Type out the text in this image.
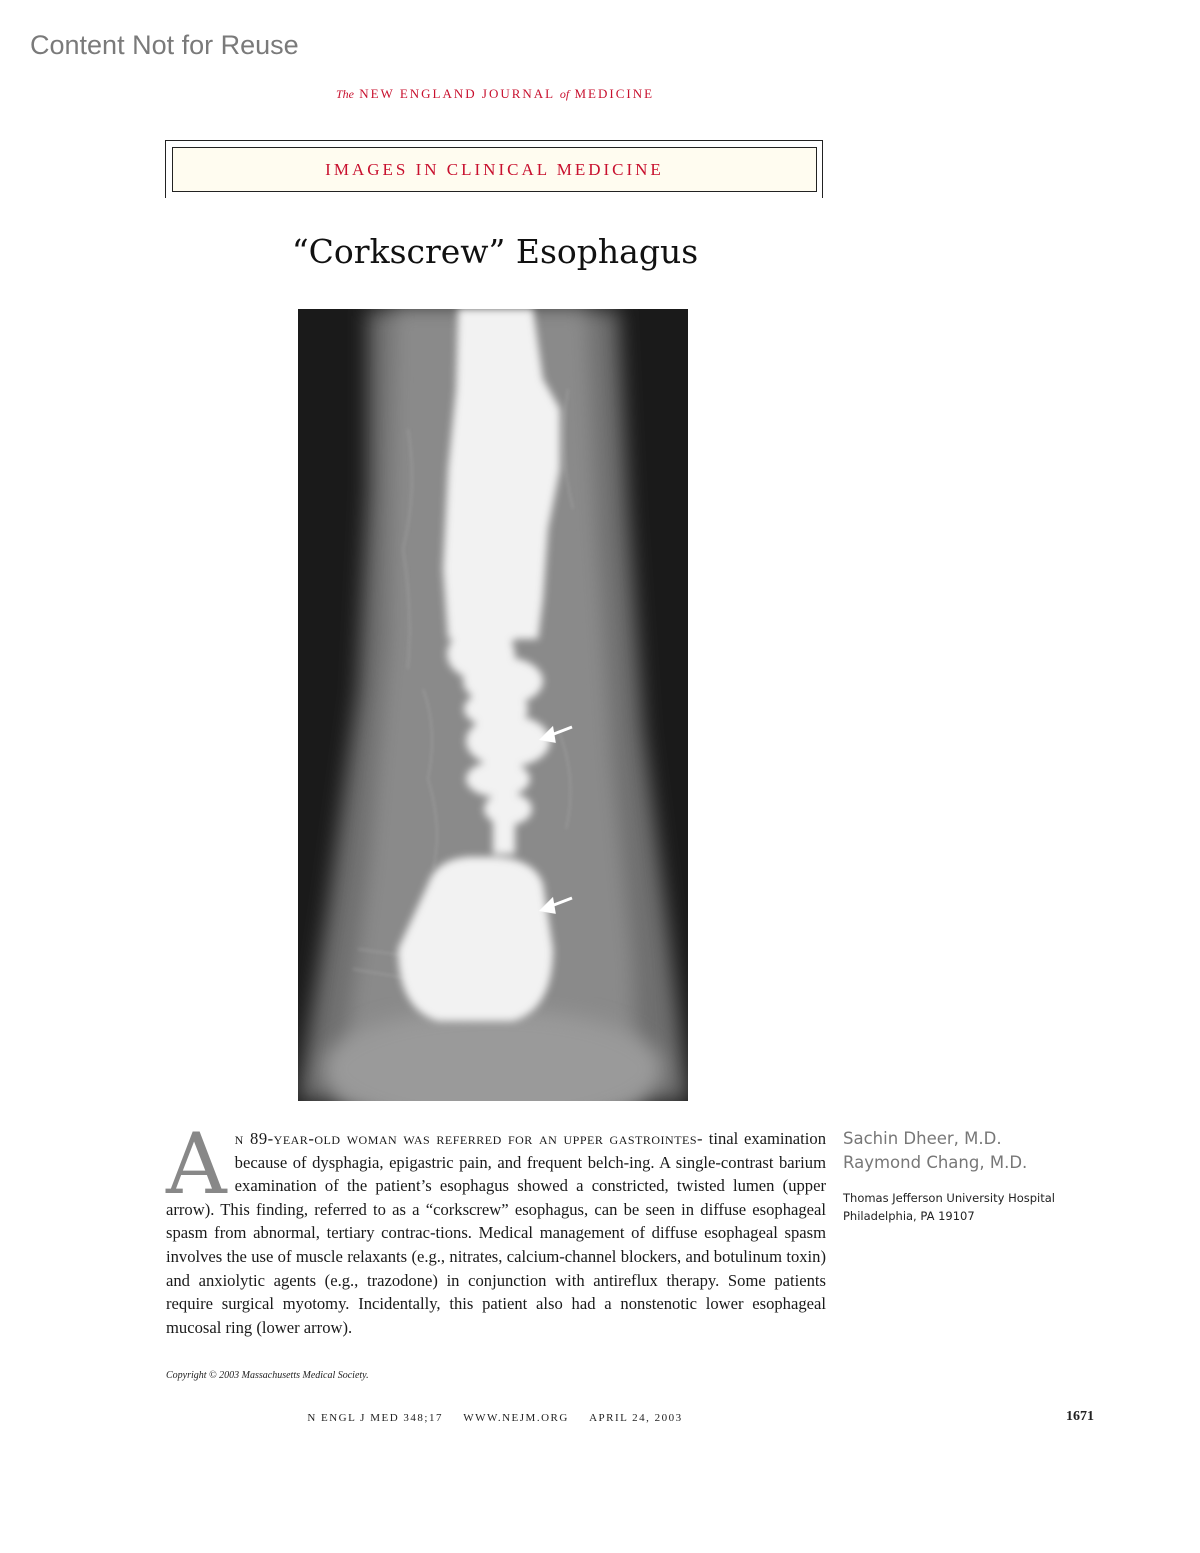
Content Not for Reuse
The NEW ENGLAND JOURNAL of MEDICINE
IMAGES IN CLINICAL MEDICINE
“Corkscrew” Esophagus
An 89-year-old woman was referred for an upper gastrointes- tinal examination because of dysphagia, epigastric pain, and frequent belch-ing. A single-contrast barium examination of the patient’s esophagus showed a constricted, twisted lumen (upper arrow). This finding, referred to as a “corkscrew” esophagus, can be seen in diffuse esophageal spasm from abnormal, tertiary contrac-tions. Medical management of diffuse esophageal spasm involves the use of muscle relaxants (e.g., nitrates, calcium-channel blockers, and botulinum toxin) and anxiolytic agents (e.g., trazodone) in conjunction with antireflux therapy. Some patients require surgical myotomy. Incidentally, this patient also had a nonstenotic lower esophageal mucosal ring (lower arrow).
Copyright © 2003 Massachusetts Medical Society.
Sachin Dheer, M.D.
Raymond Chang, M.D.
Thomas Jefferson University Hospital
Philadelphia, PA 19107
N ENGL J MED 348;17 WWW.NEJM.ORG APRIL 24, 2003	1671
